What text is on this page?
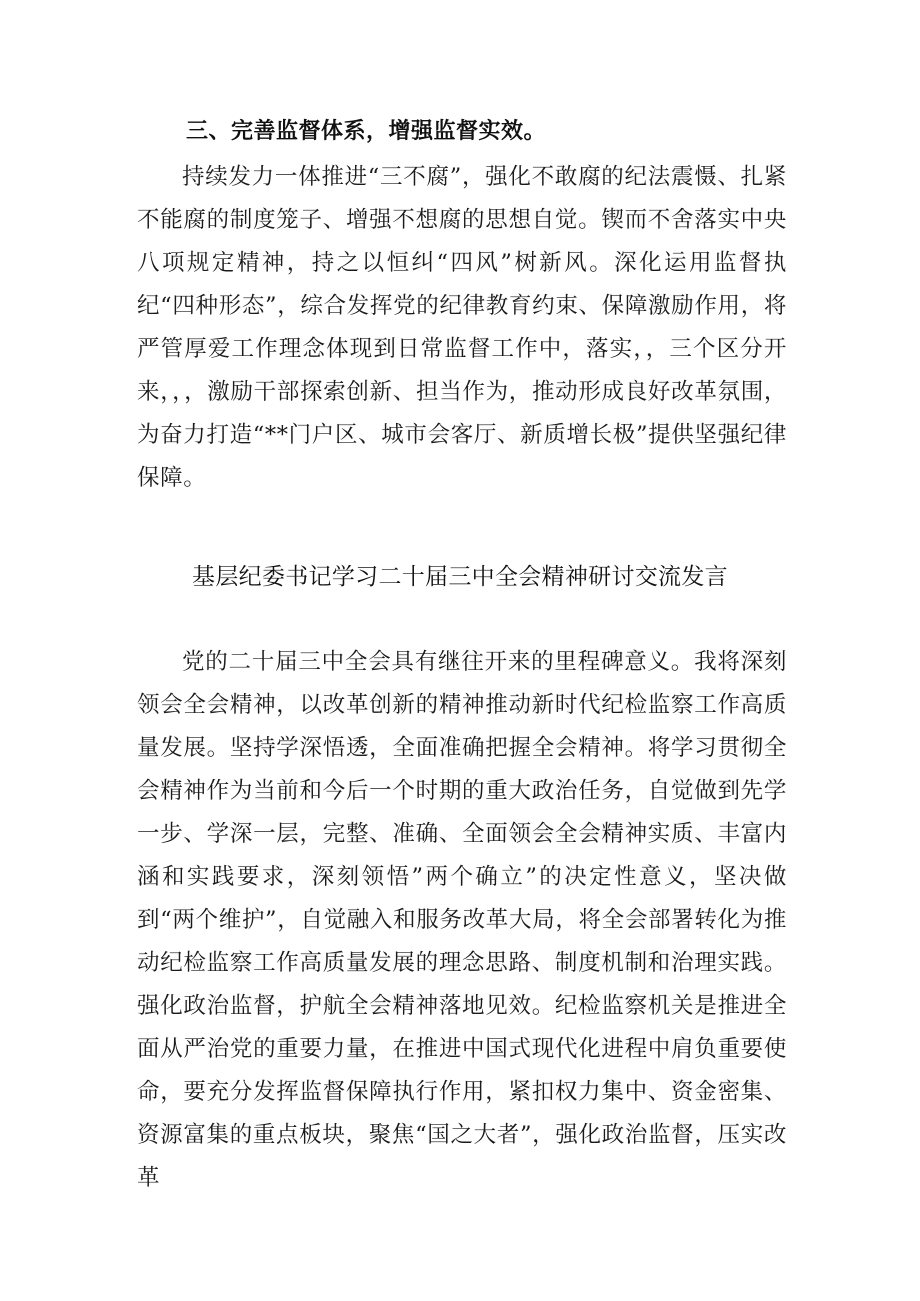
三、完善监督体系，增强监督实效。

持续发力一体推进“三不腐”，强化不敢腐的纪法震慑、扎紧不能腐的制度笼子、增强不想腐的思想自觉。锲而不舍落实中央八项规定精神，持之以恒纠“四风”树新风。深化运用监督执纪“四种形态”，综合发挥党的纪律教育约束、保障激励作用，将严管厚爱工作理念体现到日常监督工作中，落实，，三个区分开来，，，激励干部探索创新、担当作为，推动形成良好改革氛围，为奋力打造“**门户区、城市会客厅、新质增长极”提供坚强纪律保障。

基层纪委书记学习二十届三中全会精神研讨交流发言

党的二十届三中全会具有继往开来的里程碑意义。我将深刻领会全会精神，以改革创新的精神推动新时代纪检监察工作高质量发展。坚持学深悟透，全面准确把握全会精神。将学习贯彻全会精神作为当前和今后一个时期的重大政治任务，自觉做到先学一步、学深一层，完整、准确、全面领会全会精神实质、丰富内涵和实践要求，深刻领悟”两个确立”的决定性意义，坚决做到“两个维护”，自觉融入和服务改革大局，将全会部署转化为推动纪检监察工作高质量发展的理念思路、制度机制和治理实践。强化政治监督，护航全会精神落地见效。纪检监察机关是推进全面从严治党的重要力量，在推进中国式现代化进程中肩负重要使命，要充分发挥监督保障执行作用，紧扣权力集中、资金密集、资源富集的重点板块，聚焦“国之大者”，强化政治监督，压实改革
